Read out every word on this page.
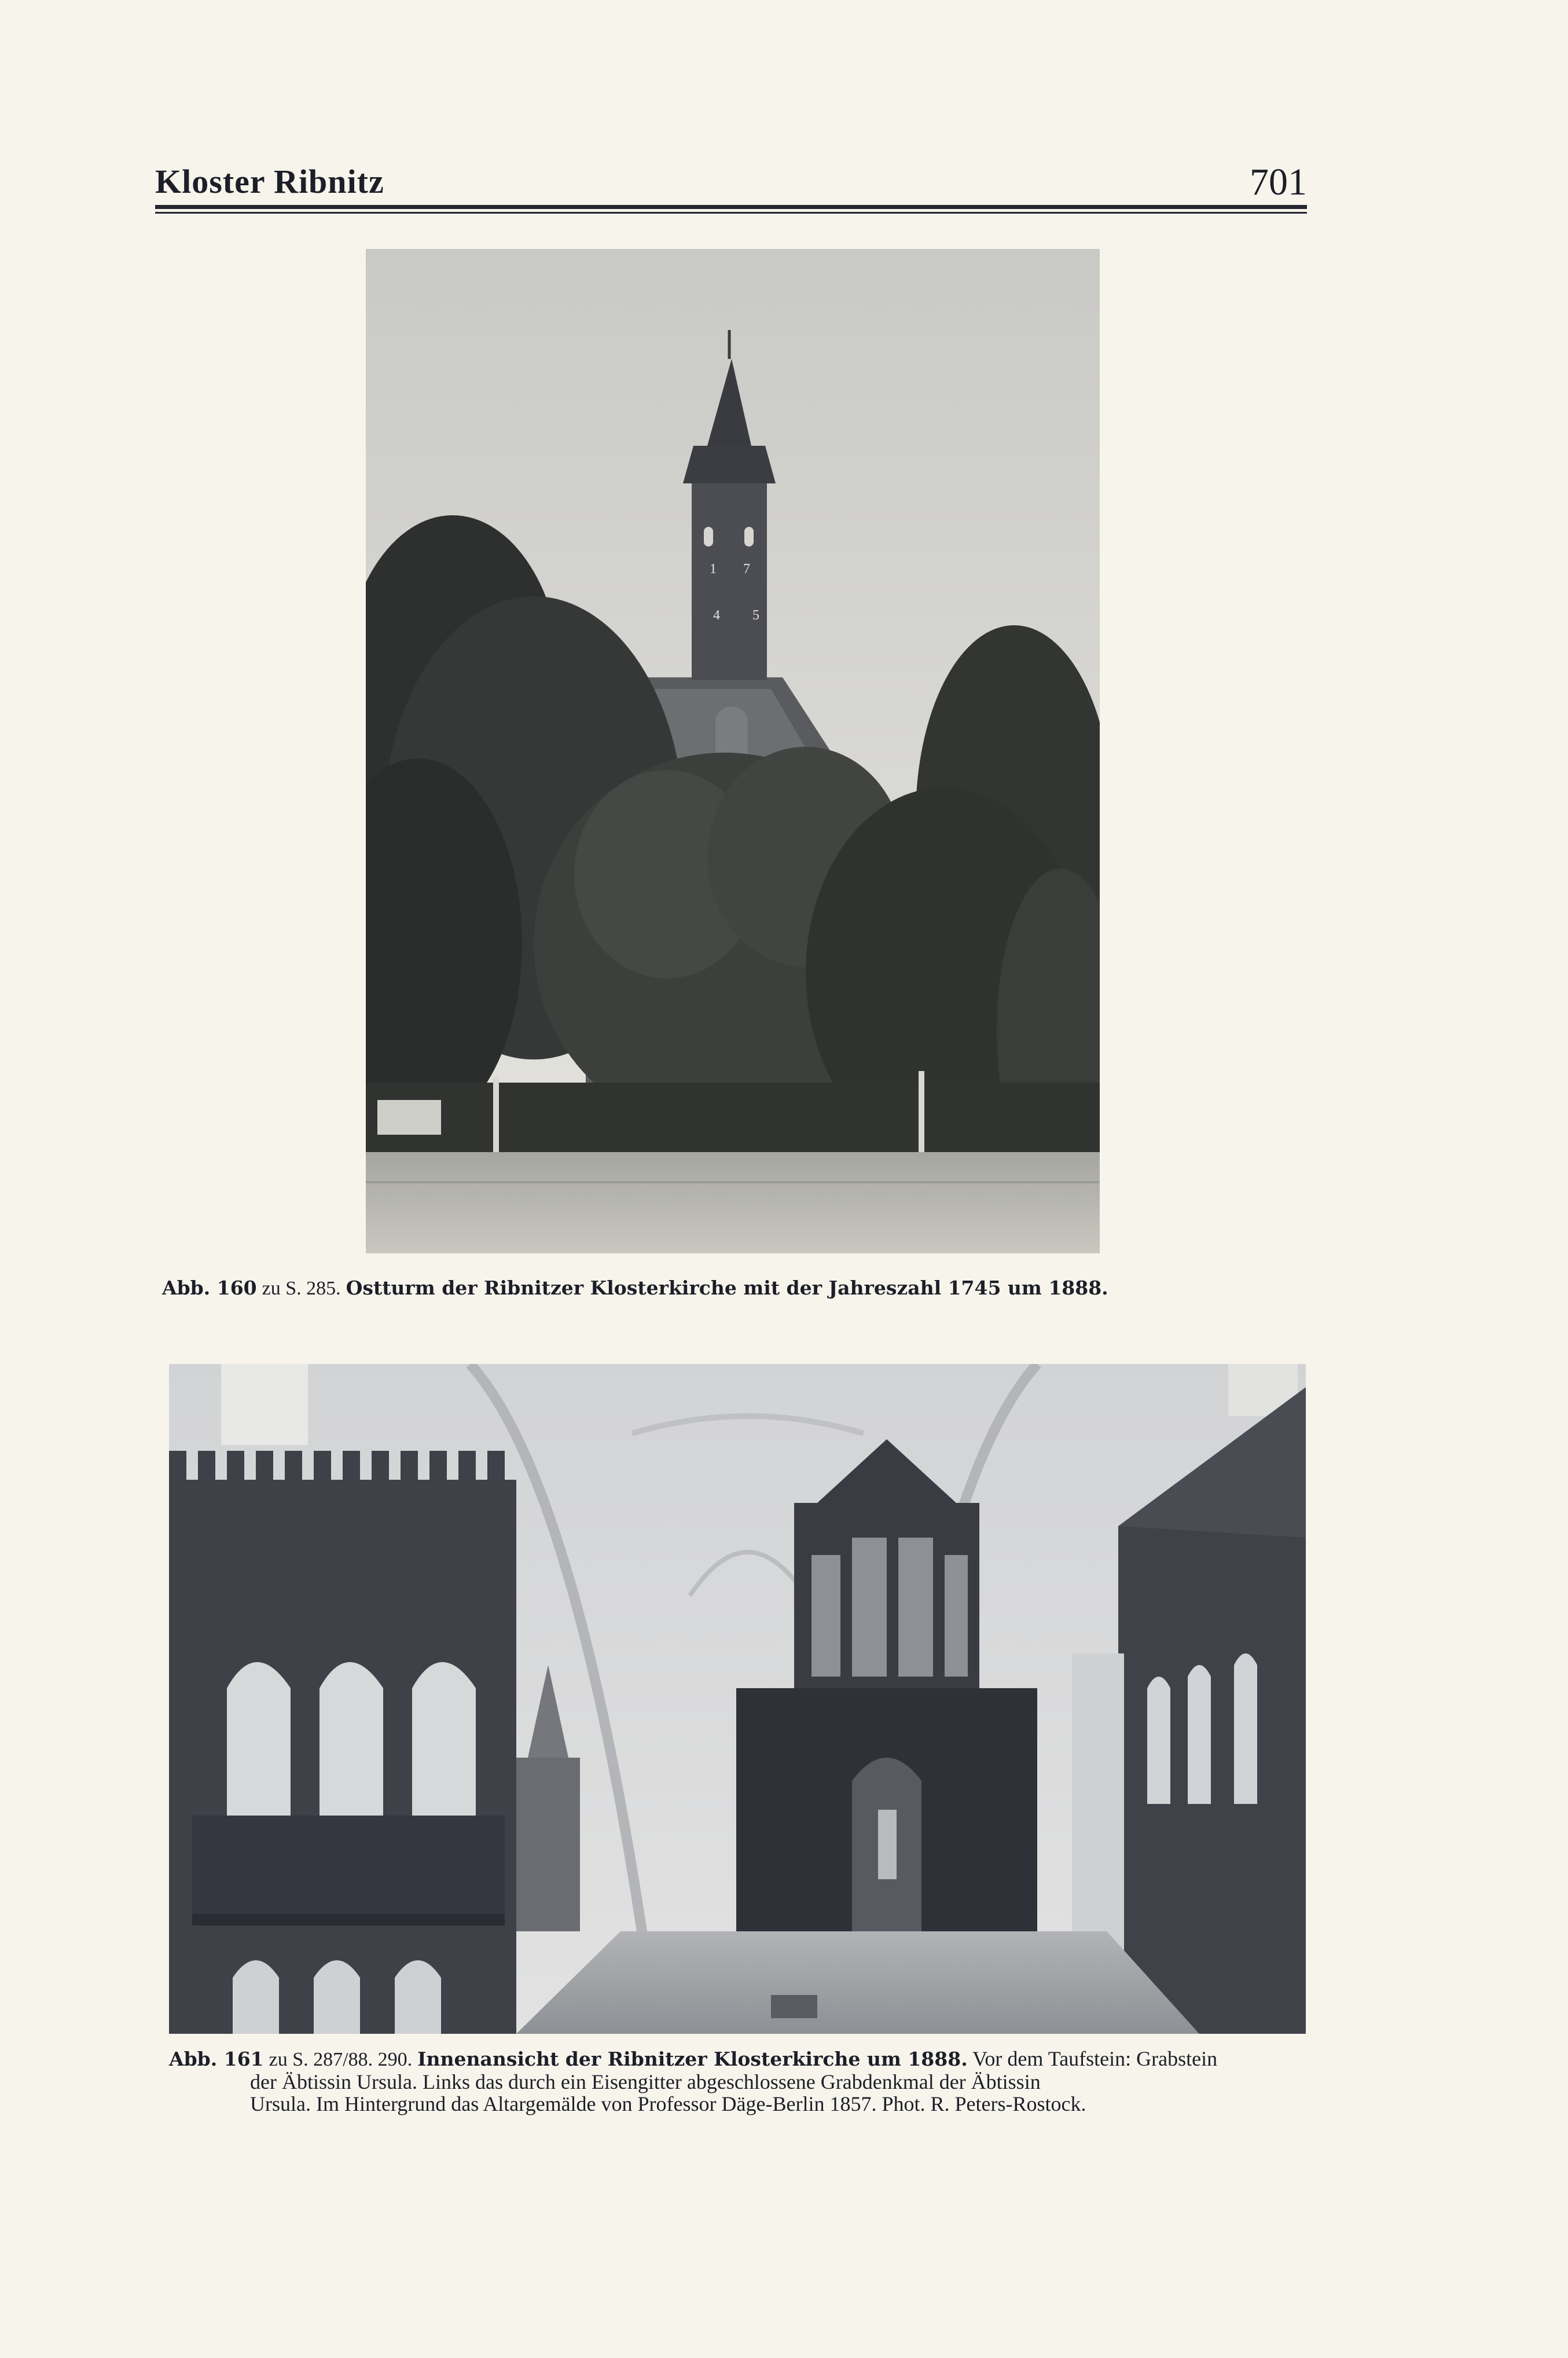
Kloster Ribnitz	701
1 7
4 5
Abb. 160 zu S. 285. Ostturm der Ribnitzer Klosterkirche mit der Jahreszahl 1745 um 1888.
Abb. 161 zu S. 287/88. 290. Innenansicht der Ribnitzer Klosterkirche um 1888. Vor dem Taufstein: Grabstein
der Äbtissin Ursula. Links das durch ein Eisengitter abgeschlossene Grabdenkmal der Äbtissin
Ursula. Im Hintergrund das Altargemälde von Professor Däge-Berlin 1857. Phot. R. Peters-Rostock.
